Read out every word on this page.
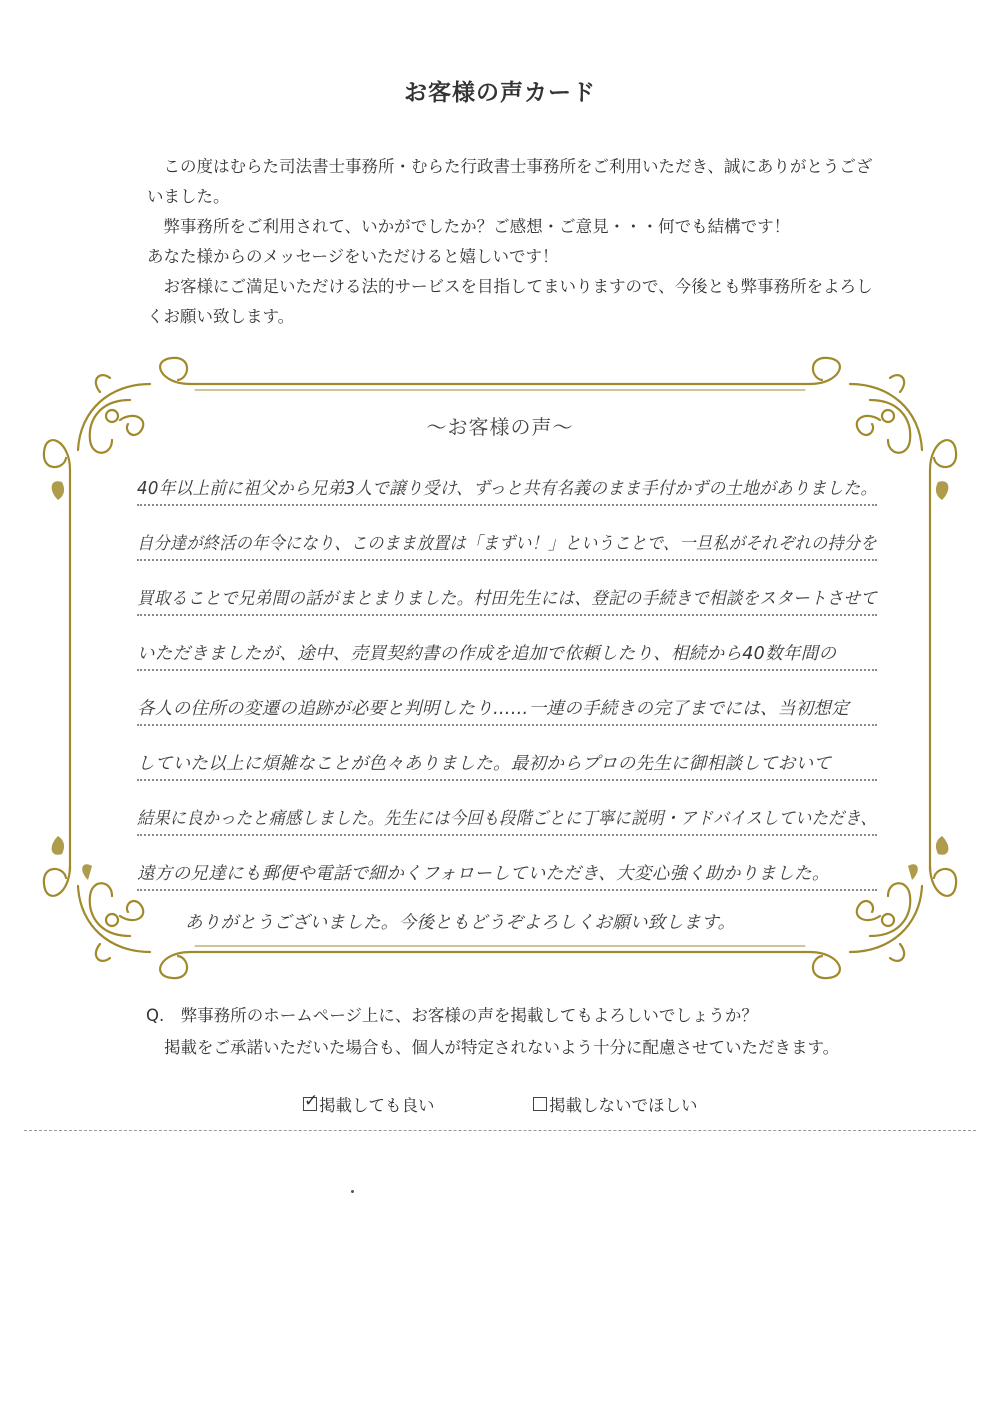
お客様の声カード

この度はむらた司法書士事務所・むらた行政書士事務所をご利用いただき、誠にありがとうございました。

弊事務所をご利用されて、いかがでしたか？ご感想・ご意見・・・何でも結構です！

あなた様からのメッセージをいただけると嬉しいです！

お客様にご満足いただける法的サービスを目指してまいりますので、今後とも弊事務所をよろしくお願い致します。

～お客様の声～
40年以上前に祖父から兄弟3人で譲り受け、ずっと共有名義のまま手付かずの土地がありました。
自分達が終活の年令になり、このまま放置は「まずい！」ということで、一旦私がそれぞれの持分を
買取ることで兄弟間の話がまとまりました。村田先生には、登記の手続きで相談をスタートさせて
いただきましたが、途中、売買契約書の作成を追加で依頼したり、相続から40数年間の
各人の住所の変遷の追跡が必要と判明したり……一連の手続きの完了までには、当初想定
していた以上に煩雑なことが色々ありました。最初からプロの先生に御相談しておいて
結果に良かったと痛感しました。先生には今回も段階ごとに丁寧に説明・アドバイスしていただき、
遠方の兄達にも郵便や電話で細かくフォローしていただき、大変心強く助かりました。
ありがとうございました。今後ともどうぞよろしくお願い致します。
Q.　弊事務所のホームページ上に、お客様の声を掲載してもよろしいでしょうか？
掲載をご承諾いただいた場合も、個人が特定されないよう十分に配慮させていただきます。
✓ 掲載しても良い	掲載しないでほしい
